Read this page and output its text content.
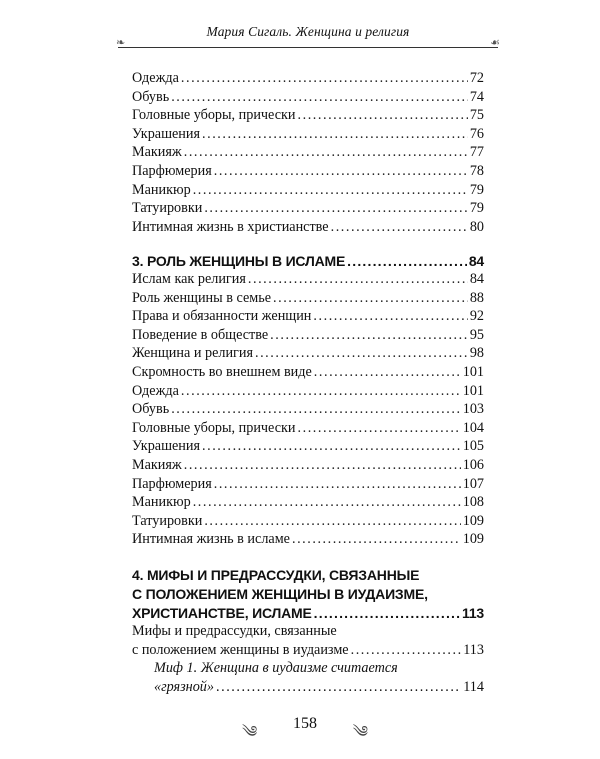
Мария Сигаль. Женщина и религия
❧	☙
Одежда . . .	72
Обувь . . .	74
Головные уборы, прически . . .	75
Украшения . . .	76
Макияж . . .	77
Парфюмерия . . .	78
Маникюр . . .	79
Татуировки . . .	79
Интимная жизнь в христианстве . . .	80
3. РОЛЬ ЖЕНЩИНЫ В ИСЛАМЕ .....	84
Ислам как религия . . .	84
Роль женщины в семье . . .	88
Права и обязанности женщин . . .	92
Поведение в обществе . . .	95
Женщина и религия . . .	98
Скромность во внешнем виде . . .	101
Одежда . . .	101
Обувь . . .	103
Головные уборы, прически . . .	104
Украшения . . .	105
Макияж . . .	106
Парфюмерия . . .	107
Маникюр . . .	108
Татуировки . . .	109
Интимная жизнь в исламе . . .	109
4. МИФЫ И ПРЕДРАССУДКИ, СВЯЗАННЫЕ
С ПОЛОЖЕНИЕМ ЖЕНЩИНЫ В ИУДАИЗМЕ,
ХРИСТИАНСТВЕ, ИСЛАМЕ .....	113
Мифы и предрассудки, связанные
с положением женщины в иудаизме . . .	113
Миф 1. Женщина в иудаизме считается
«грязной» . . .	114
༄ 158 ༄
